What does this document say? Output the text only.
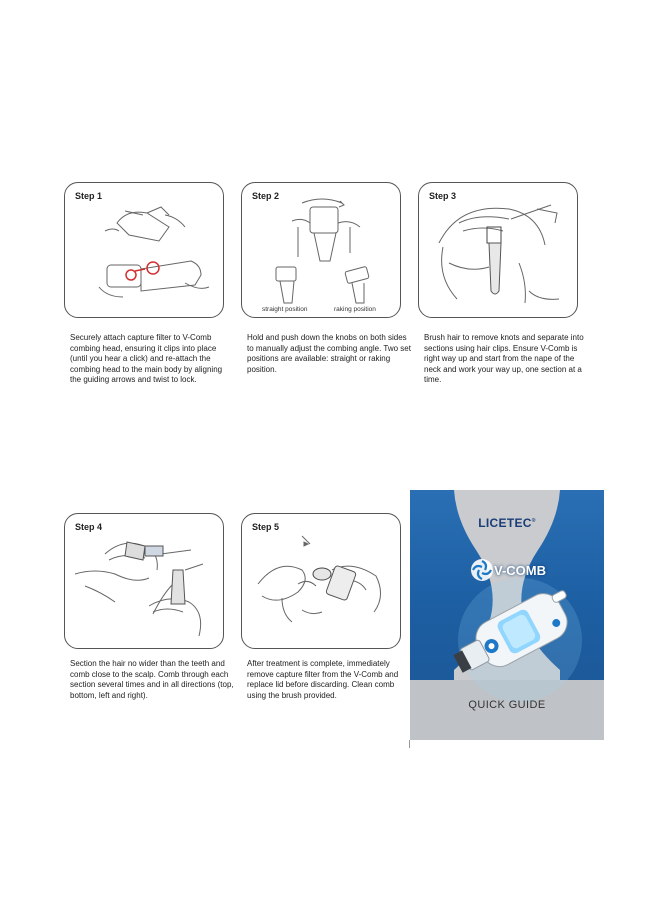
Step 1

Securely attach capture filter to V-Comb combing head, ensuring it clips into place (until you hear a click) and re-attach the combing head to the main body by aligning the guiding arrows and twist to lock.

Step 2
straight position	raking position

Hold and push down the knobs on both sides to manually adjust the combing angle. Two set positions are available: straight or raking position.

Step 3

Brush hair to remove knots and separate into sections using hair clips. Ensure V-Comb is right way up and start from the nape of the neck and work your way up, one section at a time.

Step 4

Section the hair no wider than the teeth and comb close to the scalp. Comb through each section several times and in all directions (top, bottom, left and right).

Step 5

After treatment is complete, immediately remove capture filter from the V-Comb and replace lid before discarding. Clean comb using the brush provided.

LICETEC®
V-COMB
QUICK GUIDE
